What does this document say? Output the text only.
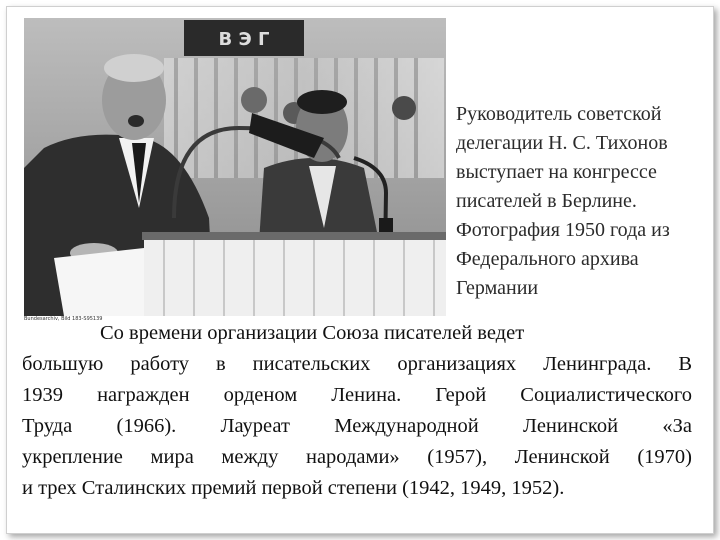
В Э Г
Bundesarchiv, Bild 183-S95139
Руководитель советской
делегации Н. С. Тихонов
выступает на конгрессе
писателей в Берлине.
Фотография 1950 года из
Федерального архива
Германии
Со времени организации Союза писателей ведет
большую работу в писательских организациях Ленинграда. В
1939 награжден орденом Ленина. Герой Социалистического
Труда (1966). Лауреат Международной Ленинской «За
укрепление мира между народами» (1957), Ленинской (1970)
и трех Сталинских премий первой степени (1942, 1949, 1952).
